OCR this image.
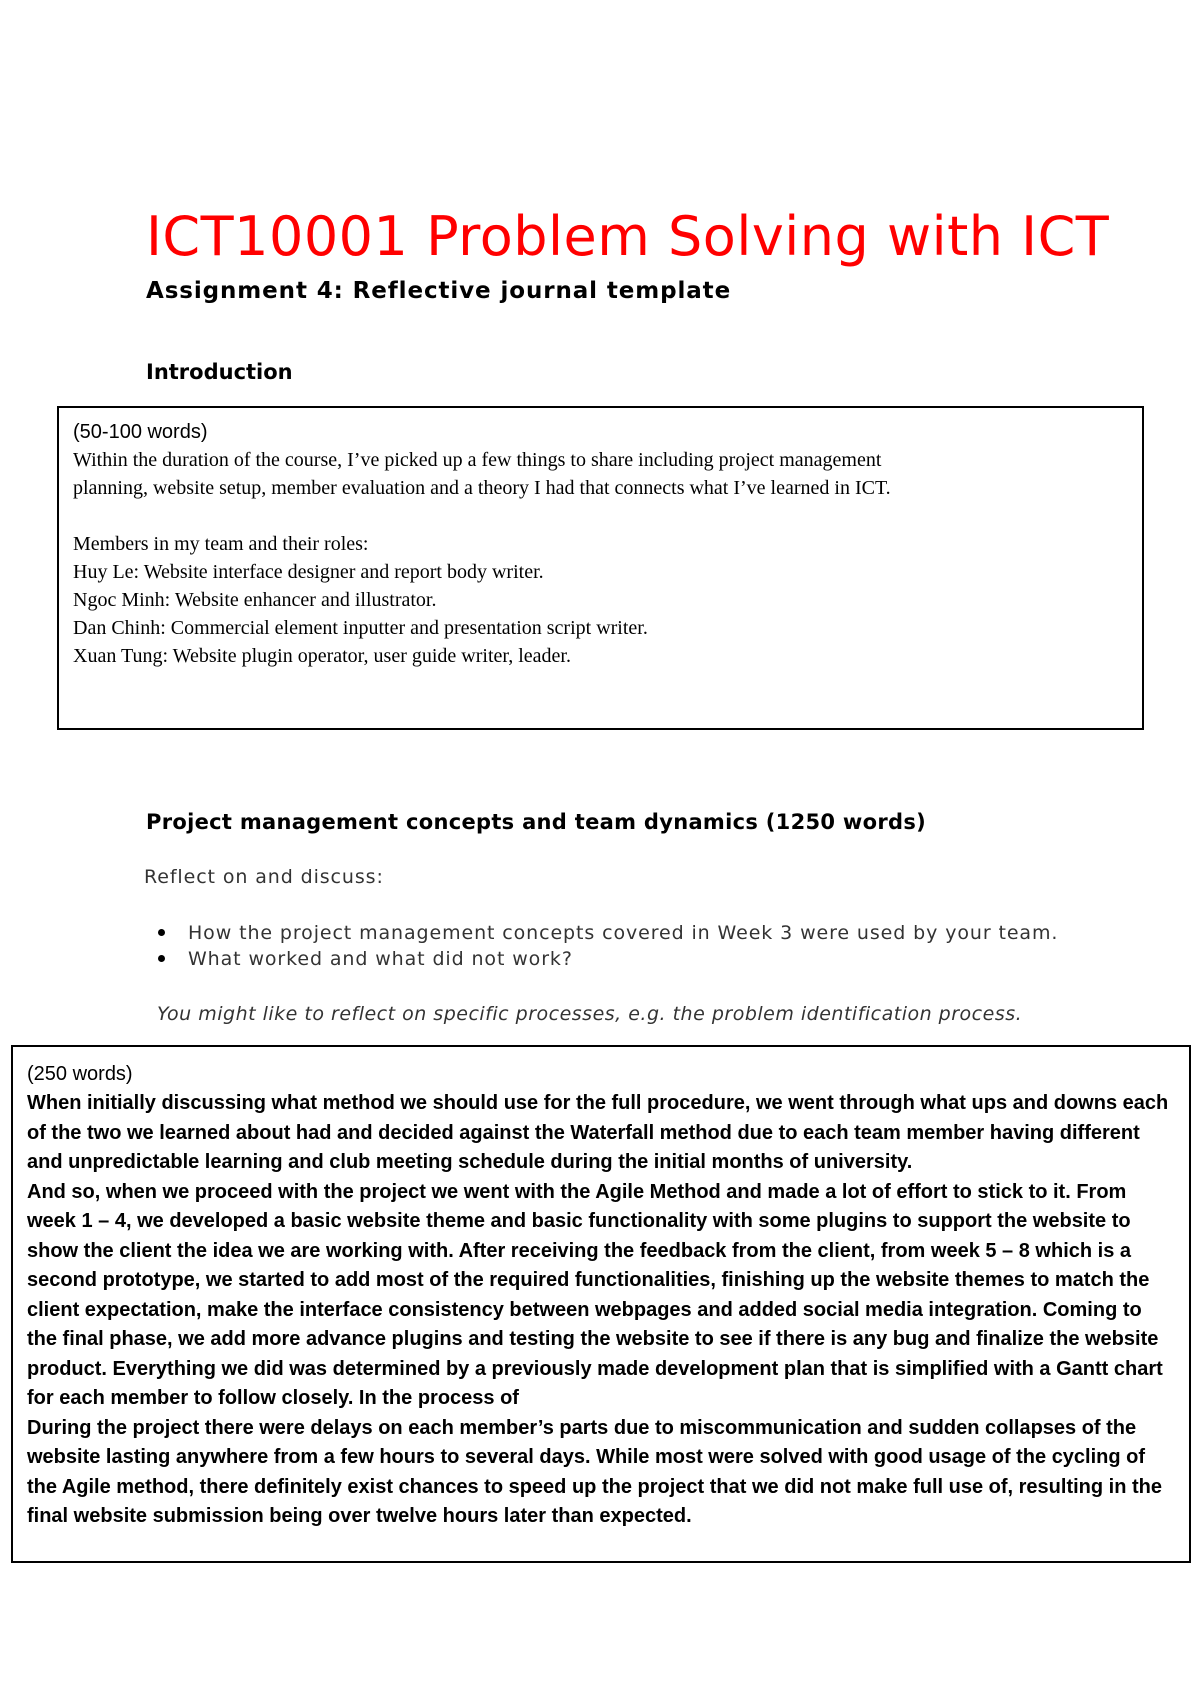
ICT10001 Problem Solving with ICT
Assignment 4: Reflective journal template
Introduction
(50-100 words)
Within the duration of the course, I’ve picked up a few things to share including project management
planning, website setup, member evaluation and a theory I had that connects what I’ve learned in ICT.
Members in my team and their roles:
Huy Le: Website interface designer and report body writer.
Ngoc Minh: Website enhancer and illustrator.
Dan Chinh: Commercial element inputter and presentation script writer.
Xuan Tung: Website plugin operator, user guide writer, leader.
Project management concepts and team dynamics (1250 words)
Reflect on and discuss:
How the project management concepts covered in Week 3 were used by your team.
What worked and what did not work?
You might like to reflect on specific processes, e.g. the problem identification process.
(250 words)

When initially discussing what method we should use for the full procedure, we went through what ups and downs each of the two we learned about had and decided against the Waterfall method due to each team member having different and unpredictable learning and club meeting schedule during the initial months of university.

And so, when we proceed with the project we went with the Agile Method and made a lot of effort to stick to it. From week 1 – 4, we developed a basic website theme and basic functionality with some plugins to support the website to show the client the idea we are working with. After receiving the feedback from the client, from week 5 – 8 which is a second prototype, we started to add most of the required functionalities, finishing up the website themes to match the client expectation, make the interface consistency between webpages and added social media integration. Coming to the final phase, we add more advance plugins and testing the website to see if there is any bug and finalize the website product. Everything we did was determined by a previously made development plan that is simplified with a Gantt chart for each member to follow closely. In the process of

During the project there were delays on each member’s parts due to miscommunication and sudden collapses of the website lasting anywhere from a few hours to several days. While most were solved with good usage of the cycling of the Agile method, there definitely exist chances to speed up the project that we did not make full use of, resulting in the final website submission being over twelve hours later than expected.
